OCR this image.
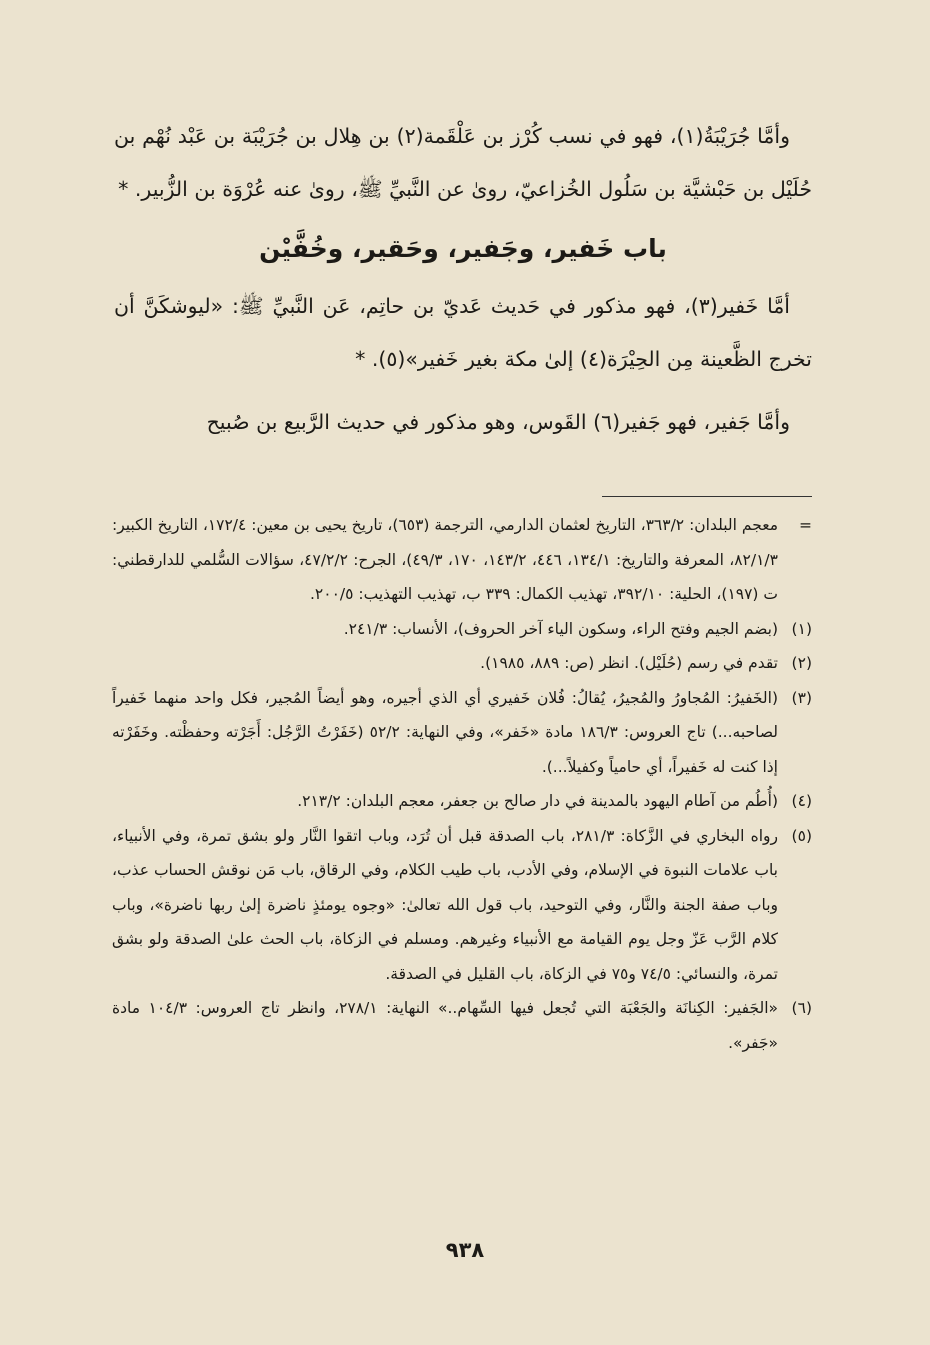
وأمَّا جُرَيْبَةُ(١)، فهو في نسب كُرْز بن عَلْقَمة(٢) بن هِلال بن جُرَيْبَة بن عَبْد نُهْم بن حُلَيْل بن حَبْشيَّة بن سَلُول الخُزاعيّ، روىٰ عن النَّبيِّ ﷺ، روىٰ عنه عُرْوَة بن الزُّبير. *

باب خَفير، وجَفير، وحَقير، وخُفَّيْن

أمَّا خَفير(٣)، فهو مذكور في حَديث عَديّ بن حاتِم، عَن النَّبيِّ ﷺ: «ليوشكَنَّ أن تخرج الظَّعينة مِن الحِيْرَة(٤) إلىٰ مكة بغير خَفير»(٥). *

وأمَّا جَفير، فهو جَفير(٦) القَوس، وهو مذكور في حديث الرَّبيع بن صُبيح

=
معجم البلدان: ٣٦٣/٢، التاريخ لعثمان الدارمي، الترجمة (٦٥٣)، تاريخ يحيى بن معين: ١٧٢/٤، التاريخ الكبير: ٨٢/١/٣، المعرفة والتاريخ: ١٣٤/١، ٤٤٦، ١٤٣/٢، ١٧٠، ٤٩/٣)، الجرح: ٤٧/٢/٢، سؤالات السُّلمي للدارقطني: ت (١٩٧)، الحلية: ٣٩٢/١٠، تهذيب الكمال: ٣٣٩ ب، تهذيب التهذيب: ٢٠٠/٥.
(١)
(بضم الجيم وفتح الراء، وسكون الياء آخر الحروف)، الأنساب: ٢٤١/٣.
(٢)
تقدم في رسم (حُلَيْل). انظر (ص: ٨٨٩، ١٩٨٥).
(٣)
(الخَفيرُ: المُجاورُ والمُجيرُ، يُقالُ: فُلان خَفيري أي الذي أجيره، وهو أيضاً المُجير، فكل واحد منهما خَفيراً لصاحبه...) تاج العروس: ١٨٦/٣ مادة «خَفر»، وفي النهاية: ٥٢/٢ (خَفَرْتُ الرَّجُل: أَجَرْته وحفظْته. وخَفَرْته إذا كنت له خَفيراً، أي حامياً وكفيلاً...).
(٤)
(أُطُم من آطام اليهود بالمدينة في دار صالح بن جعفر، معجم البلدان: ٢١٣/٢.
(٥)
رواه البخاري في الزَّكاة: ٢٨١/٣، باب الصدقة قبل أن تُرَد، وباب اتقوا النَّار ولو بشق تمرة، وفي الأنبياء، باب علامات النبوة في الإسلام، وفي الأدب، باب طيب الكلام، وفي الرقاق، باب مَن نوقش الحساب عذب، وباب صفة الجنة والنَّار، وفي التوحيد، باب قول الله تعالىٰ: «وجوه يومئذٍ ناضرة إلىٰ ربها ناضرة»، وباب كلام الرَّب عَزّ وجل يوم القيامة مع الأنبياء وغيرهم. ومسلم في الزكاة، باب الحث علىٰ الصدقة ولو بشق تمرة، والنسائي: ٧٤/٥ و٧٥ في الزكاة، باب القليل في الصدقة.
(٦)
«الجَفير: الكِنانَة والجَعْبَة التي تُجعل فيها السِّهام..» النهاية: ٢٧٨/١، وانظر تاج العروس: ١٠٤/٣ مادة «جَفر».
٩٣٨
